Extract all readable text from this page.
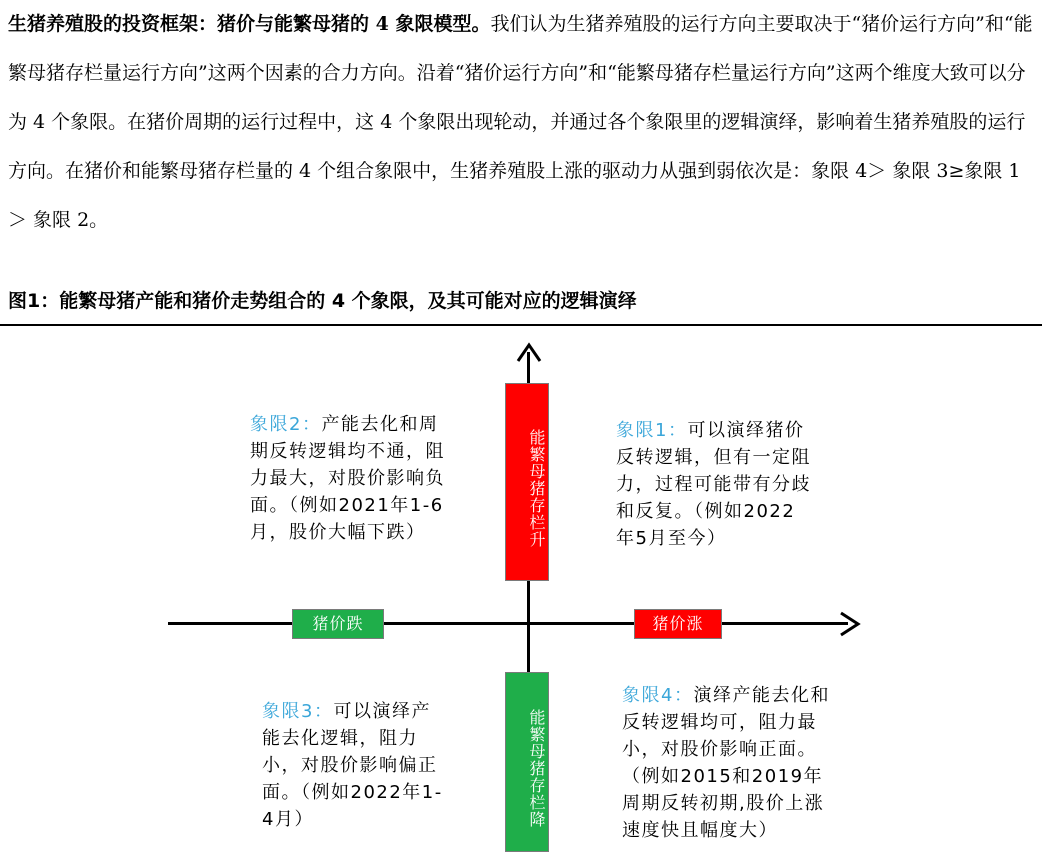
生猪养殖股的投资框架：猪价与能繁母猪的 4 象限模型。我们认为生猪养殖股的运行方向主要取决于“猪价运行方向”和“能繁母猪存栏量运行方向”这两个因素的合力方向。沿着“猪价运行方向”和“能繁母猪存栏量运行方向”这两个维度大致可以分为 4 个象限。在猪价周期的运行过程中，这 4 个象限出现轮动，并通过各个象限里的逻辑演绎，影响着生猪养殖股的运行方向。在猪价和能繁母猪存栏量的 4 个组合象限中，生猪养殖股上涨的驱动力从强到弱依次是：象限 4＞ 象限 3≥象限 1＞ 象限 2。

图1：能繁母猪产能和猪价走势组合的 4 个象限，及其可能对应的逻辑演绎
能繁母猪存栏升
能繁母猪存栏降
猪价跌	猪价涨
象限2：产能去化和周期反转逻辑均不通，阻力最大，对股价影响负面。（例如2021年1-6月，股价大幅下跌）
象限1：可以演绎猪价反转逻辑，但有一定阻力，过程可能带有分歧和反复。（例如2022年5月至今）
象限3：可以演绎产能去化逻辑，阻力小，对股价影响偏正面。（例如2022年1-4月）
象限4：演绎产能去化和反转逻辑均可，阻力最小，对股价影响正面。（例如2015和2019年周期反转初期,股价上涨速度快且幅度大）
